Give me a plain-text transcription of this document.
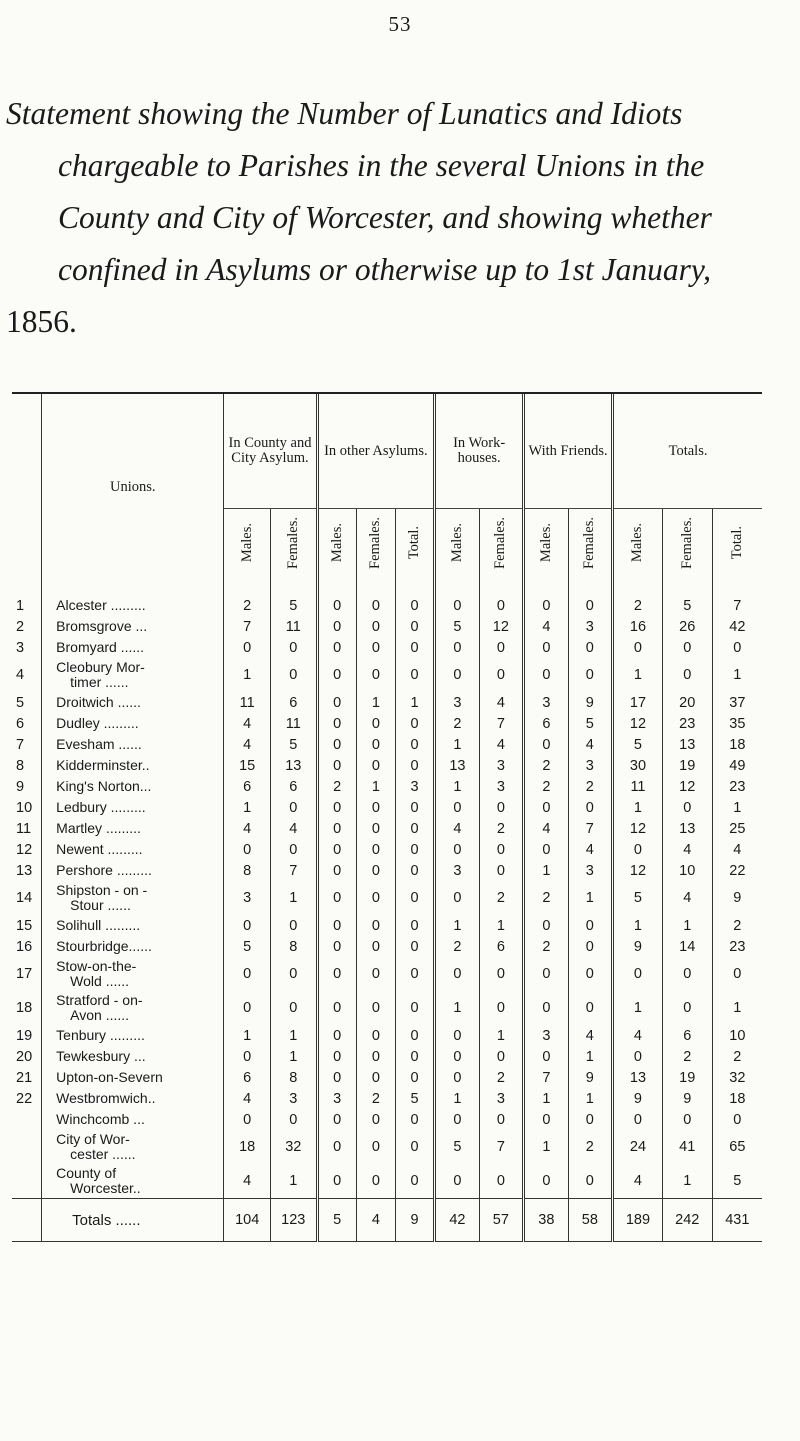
53
Statement showing the Number of Lunatics and Idiots
chargeable to Parishes in the several Unions in the
County and City of Worcester, and showing whether
confined in Asylums or otherwise up to 1st January,
1856.

	Unions.	In County and City Asylum.		In other Asylums.			In Work-houses.		With Friends.		Totals.		
		Males.	Females.	Males.	Females.	Total.	Males.	Females.	Males.	Females.	Males.	Females.	Total.
1	Alcester .........	2	5	0	0	0	0	0	0	0	2	5	7
2	Bromsgrove ...	7	11	0	0	0	5	12	4	3	16	26	42
3	Bromyard ......	0	0	0	0	0	0	0	0	0	0	0	0
4	Cleobury Mor-
timer ......	1	0	0	0	0	0	0	0	0	1	0	1
5	Droitwich ......	11	6	0	1	1	3	4	3	9	17	20	37
6	Dudley .........	4	11	0	0	0	2	7	6	5	12	23	35
7	Evesham ......	4	5	0	0	0	1	4	0	4	5	13	18
8	Kidderminster..	15	13	0	0	0	13	3	2	3	30	19	49
9	King's Norton...	6	6	2	1	3	1	3	2	2	11	12	23
10	Ledbury .........	1	0	0	0	0	0	0	0	0	1	0	1
11	Martley .........	4	4	0	0	0	4	2	4	7	12	13	25
12	Newent .........	0	0	0	0	0	0	0	0	4	0	4	4
13	Pershore .........	8	7	0	0	0	3	0	1	3	12	10	22
14	Shipston - on -
Stour ......	3	1	0	0	0	0	2	2	1	5	4	9
15	Solihull .........	0	0	0	0	0	1	1	0	0	1	1	2
16	Stourbridge......	5	8	0	0	0	2	6	2	0	9	14	23
17	Stow-on-the-
Wold ......	0	0	0	0	0	0	0	0	0	0	0	0
18	Stratford - on-
Avon ......	0	0	0	0	0	1	0	0	0	1	0	1
19	Tenbury .........	1	1	0	0	0	0	1	3	4	4	6	10
20	Tewkesbury ...	0	1	0	0	0	0	0	0	1	0	2	2
21	Upton-on-Severn	6	8	0	0	0	0	2	7	9	13	19	32
22	Westbromwich..	4	3	3	2	5	1	3	1	1	9	9	18
	Winchcomb ...	0	0	0	0	0	0	0	0	0	0	0	0

	City of Wor-
cester ......	18	32	0	0	0	5	7	1	2	24	41	65

	County of
Worcester..	4	1	0	0	0	0	0	0	0	4	1	5
	Totals ......	104	123	5	4	9	42	57	38	58	189	242	431
